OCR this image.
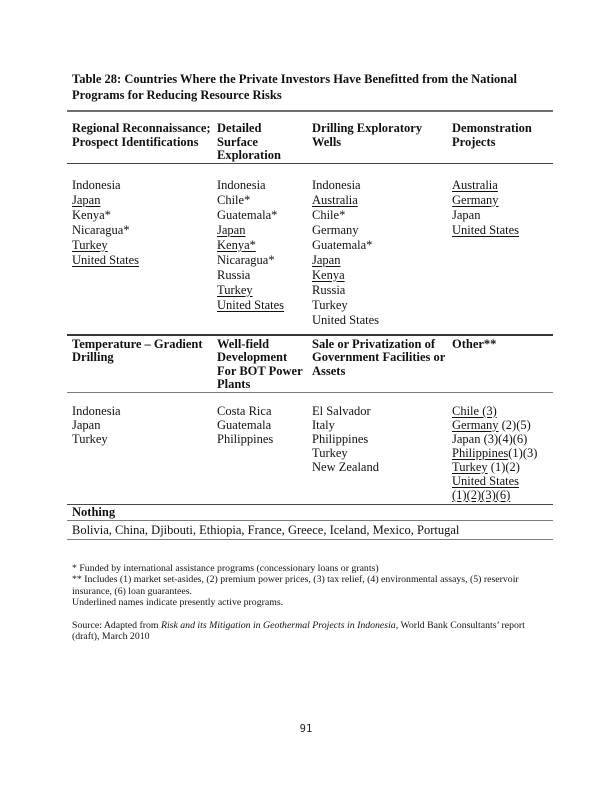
Table 28: Countries Where the Private Investors Have Benefitted from the National
Programs for Reducing Resource Risks
Regional Reconnaissance;
Prospect Identifications
Detailed
Surface
Exploration
Drilling Exploratory
Wells
Demonstration
Projects
Indonesia
Japan
Kenya*
Nicaragua*
Turkey
United States
Indonesia
Chile*
Guatemala*
Japan
Kenya*
Nicaragua*
Russia
Turkey
United States
Indonesia
Australia
Chile*
Germany
Guatemala*
Japan
Kenya
Russia
Turkey
United States
Australia
Germany
Japan
United States
Temperature – Gradient
Drilling
Well-field
Development
For BOT Power
Plants
Sale or Privatization of
Government Facilities or
Assets
Other**
Indonesia
Japan
Turkey
Costa Rica
Guatemala
Philippines
El Salvador
Italy
Philippines
Turkey
New Zealand
Chile (3)
Germany (2)(5)
Japan (3)(4)(6)
Philippines(1)(3)
Turkey (1)(2)
United States
(1)(2)(3)(6)
Nothing
Bolivia, China, Djibouti, Ethiopia, France, Greece, Iceland, Mexico, Portugal
* Funded by international assistance programs (concessionary loans or grants)
** Includes (1) market set-asides, (2) premium power prices, (3) tax relief, (4) environmental assays, (5) reservoir
insurance, (6) loan guarantees.
Underlined names indicate presently active programs.
Source: Adapted from Risk and its Mitigation in Geothermal Projects in Indonesia, World Bank Consultants’ report
(draft), March 2010
91
